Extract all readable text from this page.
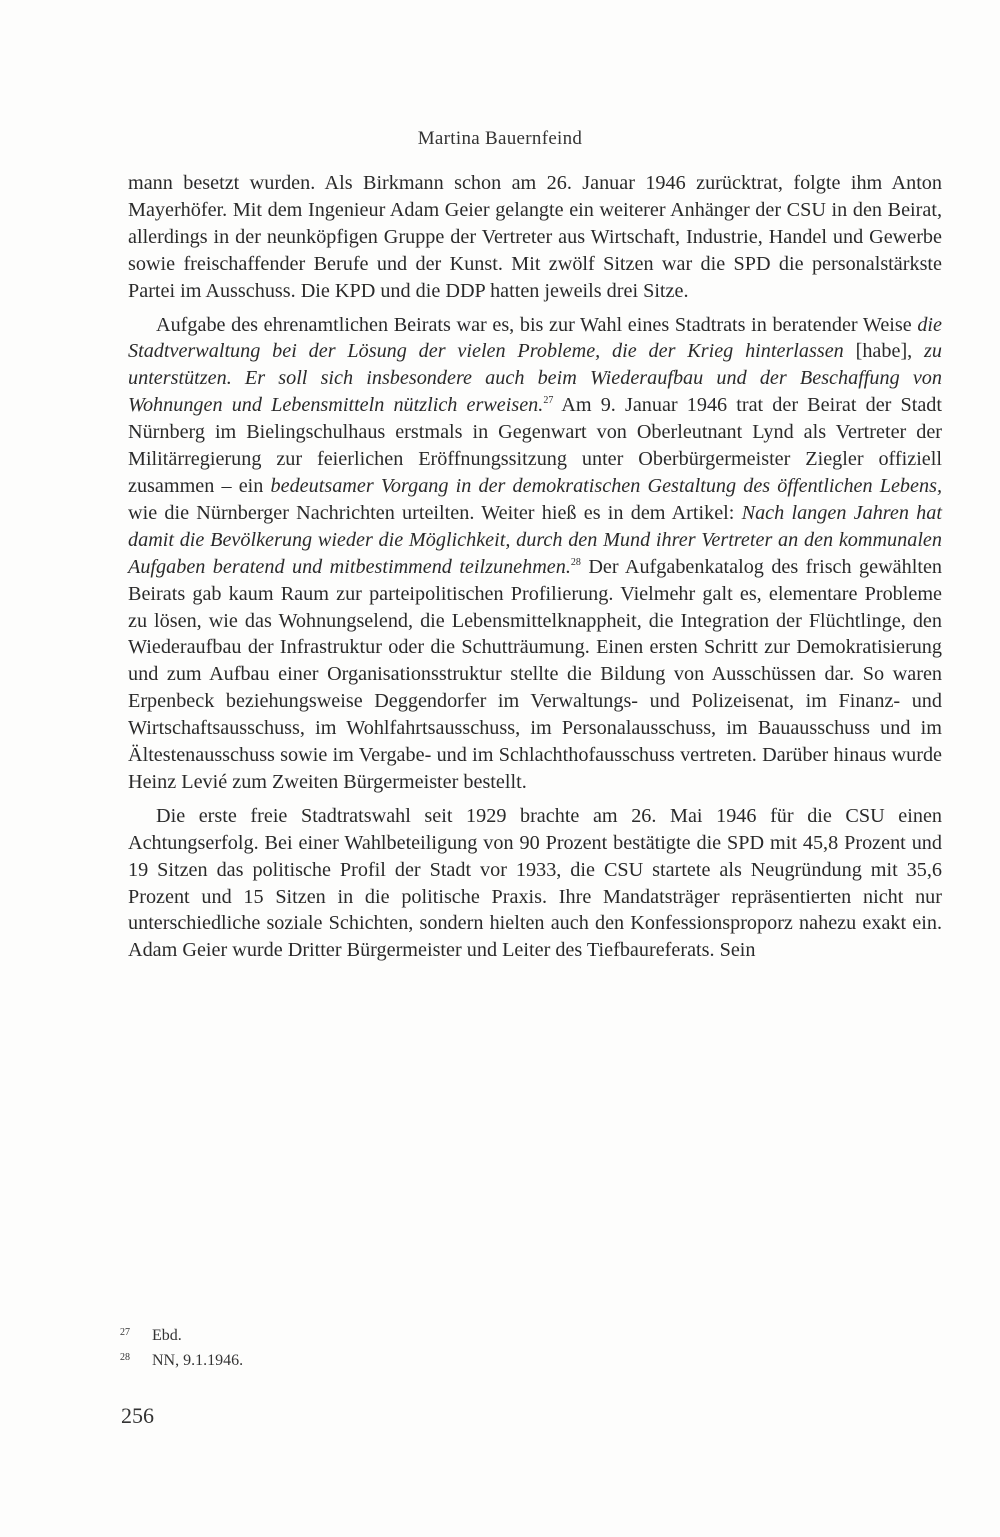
Martina Bauernfeind

mann besetzt wurden. Als Birkmann schon am 26. Januar 1946 zurücktrat, folgte ihm Anton Mayerhöfer. Mit dem Ingenieur Adam Geier gelangte ein weiterer Anhänger der CSU in den Beirat, allerdings in der neunköpfigen Gruppe der Vertreter aus Wirtschaft, Industrie, Handel und Gewerbe sowie freischaffender Berufe und der Kunst. Mit zwölf Sitzen war die SPD die personalstärkste Partei im Ausschuss. Die KPD und die DDP hatten jeweils drei Sitze.

Aufgabe des ehrenamtlichen Beirats war es, bis zur Wahl eines Stadtrats in beratender Weise die Stadtverwaltung bei der Lösung der vielen Probleme, die der Krieg hinterlassen [habe], zu unterstützen. Er soll sich insbesondere auch beim Wiederaufbau und der Beschaffung von Wohnungen und Lebensmitteln nützlich erweisen.$^{27}$ Am 9. Januar 1946 trat der Beirat der Stadt Nürnberg im Bielingschulhaus erstmals in Gegenwart von Oberleutnant Lynd als Vertreter der Militärregierung zur feierlichen Eröffnungssitzung unter Oberbürgermeister Ziegler offiziell zusammen – ein bedeutsamer Vorgang in der demokratischen Gestaltung des öffentlichen Lebens, wie die Nürnberger Nachrichten urteilten. Weiter hieß es in dem Artikel: Nach langen Jahren hat damit die Bevölkerung wieder die Möglichkeit, durch den Mund ihrer Vertreter an den kommunalen Aufgaben beratend und mitbestimmend teilzunehmen.$^{28}$ Der Aufgabenkatalog des frisch gewählten Beirats gab kaum Raum zur parteipolitischen Profilierung. Vielmehr galt es, elementare Probleme zu lösen, wie das Wohnungselend, die Lebensmittelknappheit, die Integration der Flüchtlinge, den Wiederaufbau der Infrastruktur oder die Schutträumung. Einen ersten Schritt zur Demokratisierung und zum Aufbau einer Organisationsstruktur stellte die Bildung von Ausschüssen dar. So waren Erpenbeck beziehungsweise Deggendorfer im Verwaltungs- und Polizeisenat, im Finanz- und Wirtschaftsausschuss, im Wohlfahrtsausschuss, im Personalausschuss, im Bauausschuss und im Ältestenausschuss sowie im Vergabe- und im Schlachthofausschuss vertreten. Darüber hinaus wurde Heinz Levié zum Zweiten Bürgermeister bestellt.

Die erste freie Stadtratswahl seit 1929 brachte am 26. Mai 1946 für die CSU einen Achtungserfolg. Bei einer Wahlbeteiligung von 90 Prozent bestätigte die SPD mit 45,8 Prozent und 19 Sitzen das politische Profil der Stadt vor 1933, die CSU startete als Neugründung mit 35,6 Prozent und 15 Sitzen in die politische Praxis. Ihre Mandatsträger repräsentierten nicht nur unterschiedliche soziale Schichten, sondern hielten auch den Konfessionsproporz nahezu exakt ein. Adam Geier wurde Dritter Bürgermeister und Leiter des Tiefbaureferats. Sein

27	Ebd.
28	NN, 9.1.1946.
256
